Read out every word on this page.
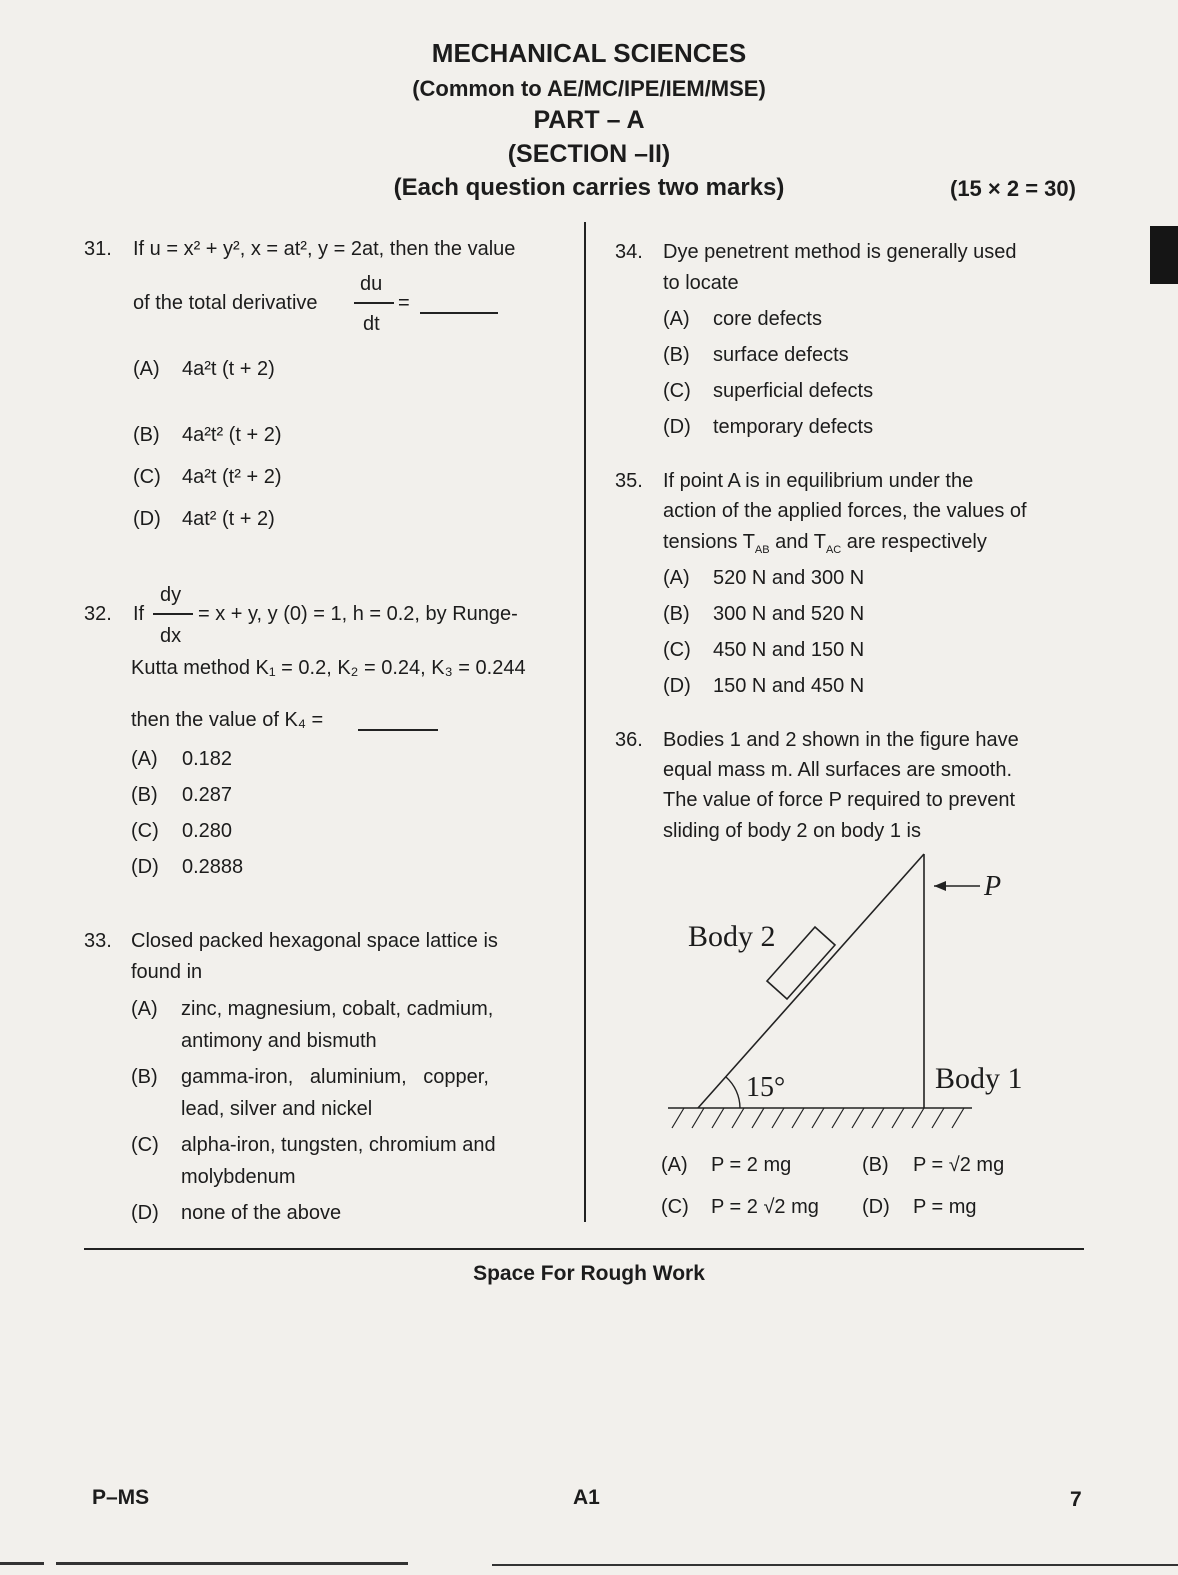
MECHANICAL SCIENCES
(Common to AE/MC/IPE/IEM/MSE)
PART – A
(SECTION –II)
(Each question carries two marks)	(15 × 2 = 30)
31. If u = x² + y², x = at², y = 2at, then the value
of the total derivative
du
dt
=
(A) 4a²t (t + 2)
(B) 4a²t² (t + 2)
(C) 4a²t (t² + 2)
(D) 4at² (t + 2)
32. If
dy
dx
= x + y, y (0) = 1, h = 0.2, by Runge-
Kutta method K₁ = 0.2, K₂ = 0.24, K₃ = 0.244
then the value of K₄ =
(A) 0.182
(B) 0.287
(C) 0.280
(D) 0.2888
33. Closed packed hexagonal space lattice is
found in
(A) zinc, magnesium, cobalt, cadmium,
antimony and bismuth
(B) gamma-iron,   aluminium,   copper,
lead, silver and nickel
(C) alpha-iron, tungsten, chromium and
molybdenum
(D) none of the above
34. Dye penetrent method is generally used
to locate
(A) core defects
(B) surface defects
(C) superficial defects
(D) temporary defects
35. If point A is in equilibrium under the
action of the applied forces, the values of
tensions $T_{AB}$ and $T_{AC}$ are respectively
(A) 520 N and 300 N
(B) 300 N and 520 N
(C) 450 N and 150 N
(D) 150 N and 450 N
36. Bodies 1 and 2 shown in the figure have
equal mass m. All surfaces are smooth.
The value of force P required to prevent
sliding of body 2 on body 1 is
Body 2
Body 1
15°
P
(A) P = 2 mg	(B) P = √2 mg
(C) P = 2 √2 mg (D) P = mg
Space For Rough Work
P–MS	A1	7
